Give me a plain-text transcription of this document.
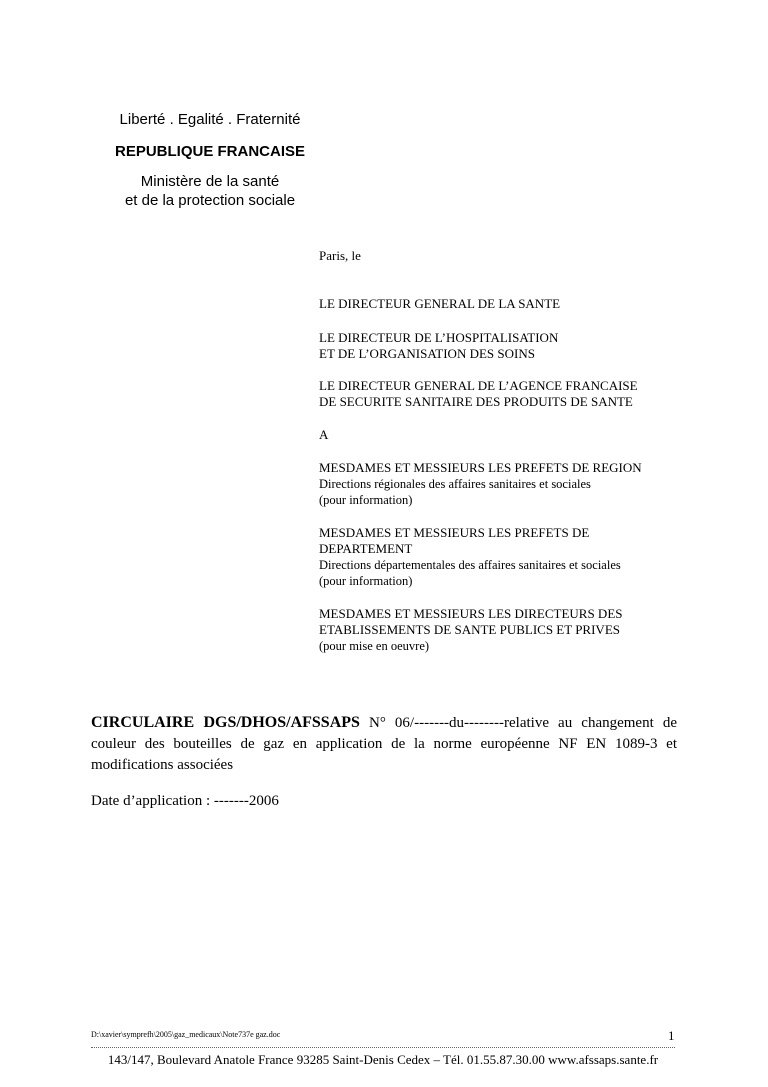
Liberté . Egalité . Fraternité
REPUBLIQUE FRANCAISE
Ministère de la santé
et de la protection sociale
Paris, le
LE DIRECTEUR GENERAL DE LA SANTE
LE DIRECTEUR DE L’HOSPITALISATION
ET DE L’ORGANISATION DES SOINS
LE DIRECTEUR GENERAL DE L’AGENCE FRANCAISE
DE SECURITE SANITAIRE DES PRODUITS DE SANTE
A
MESDAMES ET MESSIEURS LES PREFETS DE REGION
Directions régionales des affaires sanitaires et sociales
(pour information)
MESDAMES ET MESSIEURS LES PREFETS DE
DEPARTEMENT
Directions départementales des affaires sanitaires et sociales
(pour information)
MESDAMES ET MESSIEURS LES DIRECTEURS DES
ETABLISSEMENTS DE SANTE PUBLICS ET PRIVES
(pour mise en oeuvre)
CIRCULAIRE DGS/DHOS/AFSSAPS N° 06/-------du--------relative au changement de couleur des bouteilles de gaz en application de la norme européenne NF EN 1089-3 et modifications associées
Date d’application : -------2006
D:\xavier\symprefh\2005\gaz_medicaux\Note737e gaz.doc	1
143/147, Boulevard Anatole France 93285 Saint-Denis Cedex – Tél. 01.55.87.30.00 www.afssaps.sante.fr
